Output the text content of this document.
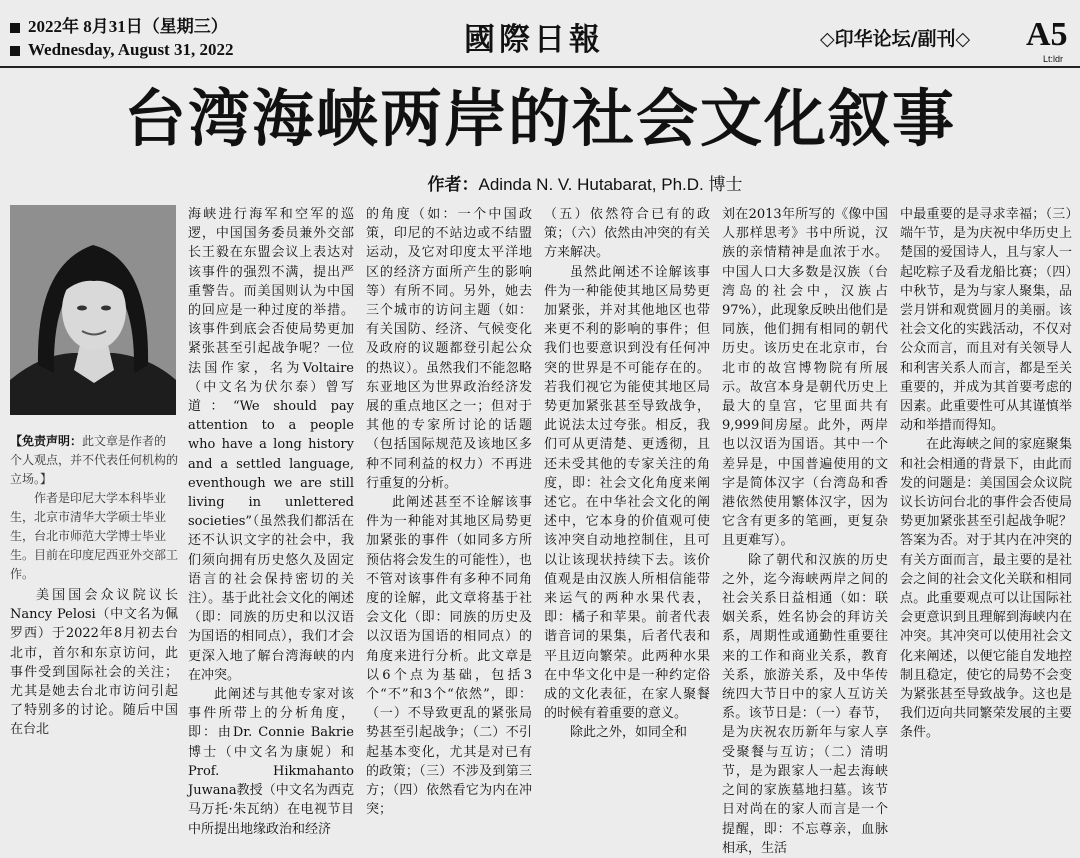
2022年 8月31日（星期三）
Wednesday, August 31, 2022	國際日報	◇印华论坛/副刊◇ A5
Lt:ldr
台湾海峡两岸的社会文化叙事
作者：Adinda N. V. Hutabarat, Ph.D. 博士
【免责声明：此文章是作者的个人观点，并不代表任何机构的立场。】
作者是印尼大学本科毕业生，北京市清华大学硕士毕业生，台北市师范大学博士毕业生。目前在印度尼西亚外交部工作。

美国国会众议院议长Nancy Pelosi（中文名为佩罗西）于2022年8月初去台北市，首尔和东京访问，此事件受到国际社会的关注；尤其是她去台北市访问引起了特别多的讨论。随后中国在台北

海峡进行海军和空军的巡逻，中国国务委员兼外交部长王毅在东盟会议上表达对该事件的强烈不满，提出严重警告。而美国则认为中国的回应是一种过度的举措。该事件到底会否使局势更加紧张甚至引起战争呢？一位法国作家，名为Voltaire（中文名为伏尔泰）曾写道：“We should pay attention to a people who have a long history and a settled language, eventhough we are still living in unlettered societies”（虽然我们都活在还不认识文字的社会中，我们须向拥有历史悠久及固定语言的社会保持密切的关注）。基于此社会文化的阐述（即：同族的历史和以汉语为国语的相同点），我们才会更深入地了解台湾海峡的内在冲突。

此阐述与其他专家对该事件所带上的分析角度，即：由Dr. Connie Bakrie博士（中文名为康妮）和Prof. Hikmahanto Juwana教授（中文名为西克马万托·朱瓦纳）在电视节目中所提出地缘政治和经济

的角度（如：一个中国政策，印尼的不站边或不结盟运动，及它对印度太平洋地区的经济方面所产生的影响等）有所不同。另外，她去三个城市的访问主题（如：有关国防、经济、气候变化及政府的议题都登引起公众的热议）。虽然我们不能忽略东亚地区为世界政治经济发展的重点地区之一；但对于其他的专家所讨论的话题（包括国际规范及该地区多种不同利益的权力）不再进行重复的分析。

此阐述甚至不诠解该事件为一种能对其地区局势更加紧张的事件（如同多方所预估将会发生的可能性），也不管对该事件有多种不同角度的诠解，此文章将基于社会文化（即：同族的历史及以汉语为国语的相同点）的角度来进行分析。此文章是以6个点为基础，包括3个“不”和3个“依然”，即：（一）不导致更乱的紧张局势甚至引起战争；（二）不引起基本变化，尤其是对已有的政策；（三）不涉及到第三方；（四）依然看它为内在冲突；

（五）依然符合已有的政策；（六）依然由冲突的有关方来解决。

虽然此阐述不诠解该事件为一种能使其地区局势更加紧张，并对其他地区也带来更不利的影响的事件；但我们也要意识到没有任何冲突的世界是不可能存在的。若我们视它为能使其地区局势更加紧张甚至导致战争，此说法太过夸张。相反，我们可从更清楚、更透彻，且还未受其他的专家关注的角度，即：社会文化角度来阐述它。在中华社会文化的阐述中，它本身的价值观可使该冲突自动地控制住，且可以让该现状持续下去。该价值观是由汉族人所相信能带来运气的两种水果代表，即：橘子和苹果。前者代表谐音词的果集，后者代表和平且迈向繁荣。此两种水果在中华文化中是一种约定俗成的文化表征，在家人聚餐的时候有着重要的意义。

除此之外，如同全和

刘在2013年所写的《像中国人那样思考》书中所说，汉族的亲情精神是血浓于水。中国人口大多数是汉族（台湾岛的社会中，汉族占97%），此现象反映出他们是同族，他们拥有相同的朝代历史。该历史在北京市，台北市的故宫博物院有所展示。故宫本身是朝代历史上最大的皇宫，它里面共有9,999间房屋。此外，两岸也以汉语为国语。其中一个差异是，中国普遍使用的文字是简体汉字（台湾岛和香港依然使用繁体汉字，因为它含有更多的笔画，更复杂且更难写）。

除了朝代和汉族的历史之外，迄今海峡两岸之间的社会关系日益相通（如：联姻关系，姓名协会的拜访关系，周期性或通勤性重要往来的工作和商业关系，教育关系，旅游关系，及中华传统四大节日中的家人互访关系。该节日是：（一）春节，是为庆祝农历新年与家人享受聚餐与互访；（二）清明节，是为跟家人一起去海峡之间的家族墓地扫墓。该节日对尚在的家人而言是一个提醒，即：不忘尊亲，血脉相承，生活

中最重要的是寻求幸福；（三）端午节，是为庆祝中华历史上楚国的爱国诗人，且与家人一起吃粽子及看龙船比赛；（四）中秋节，是为与家人聚集，品尝月饼和观赏圆月的美丽。该社会文化的实践活动，不仅对公众而言，而且对有关领导人和利害关系人而言，都是至关重要的，并成为其首要考虑的因素。此重要性可从其谨慎举动和举措而得知。

在此海峡之间的家庭聚集和社会相通的背景下，由此而发的问题是：美国国会众议院议长访问台北的事件会否使局势更加紧张甚至引起战争呢？答案为否。对于其内在冲突的有关方面而言，最主要的是社会之间的社会文化关联和相同点。此重要观点可以让国际社会更意识到且理解到海峡内在冲突。其冲突可以使用社会文化来阐述，以便它能自发地控制且稳定，使它的局势不会变为紧张甚至导致战争。这也是我们迈向共同繁荣发展的主要条件。
